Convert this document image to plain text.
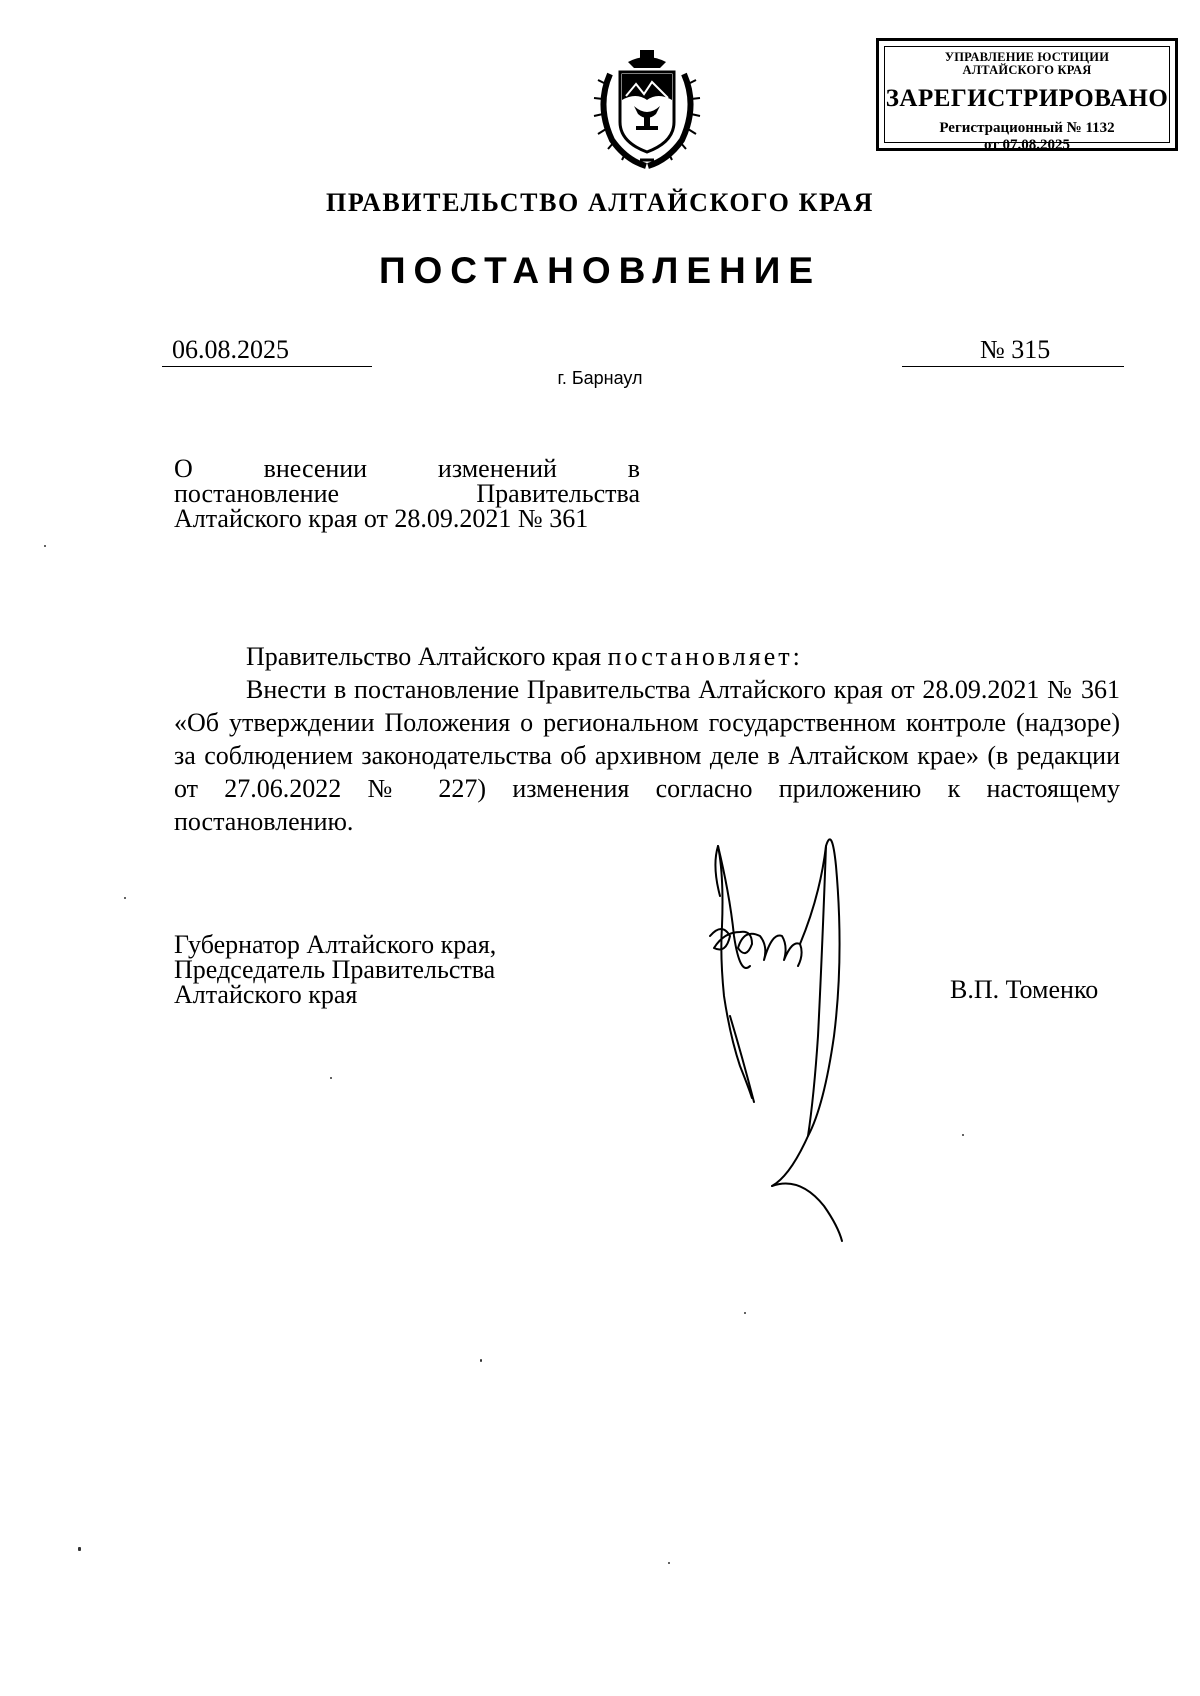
УПРАВЛЕНИЕ ЮСТИЦИИ
АЛТАЙСКОГО КРАЯ
ЗАРЕГИСТРИРОВАНО
Регистрационный № 1132
от 07.08.2025
ПРАВИТЕЛЬСТВО АЛТАЙСКОГО КРАЯ
ПОСТАНОВЛЕНИЕ
06.08.2025	№ 315
г. Барнаул
О внесении изменений в
постановление Правительства
Алтайского края от 28.09.2021 № 361

Правительство Алтайского края постановляет:

Внести в постановление Правительства Алтайского края от 28.09.2021 № 361 «Об утверждении Положения о региональном государственном контроле (надзоре) за соблюдением законодательства об архивном деле в Алтайском крае» (в редакции от 27.06.2022 № 227) изменения согласно приложению к настоящему постановлению.

Губернатор Алтайского края,
Председатель Правительства
Алтайского края	В.П. Томенко
